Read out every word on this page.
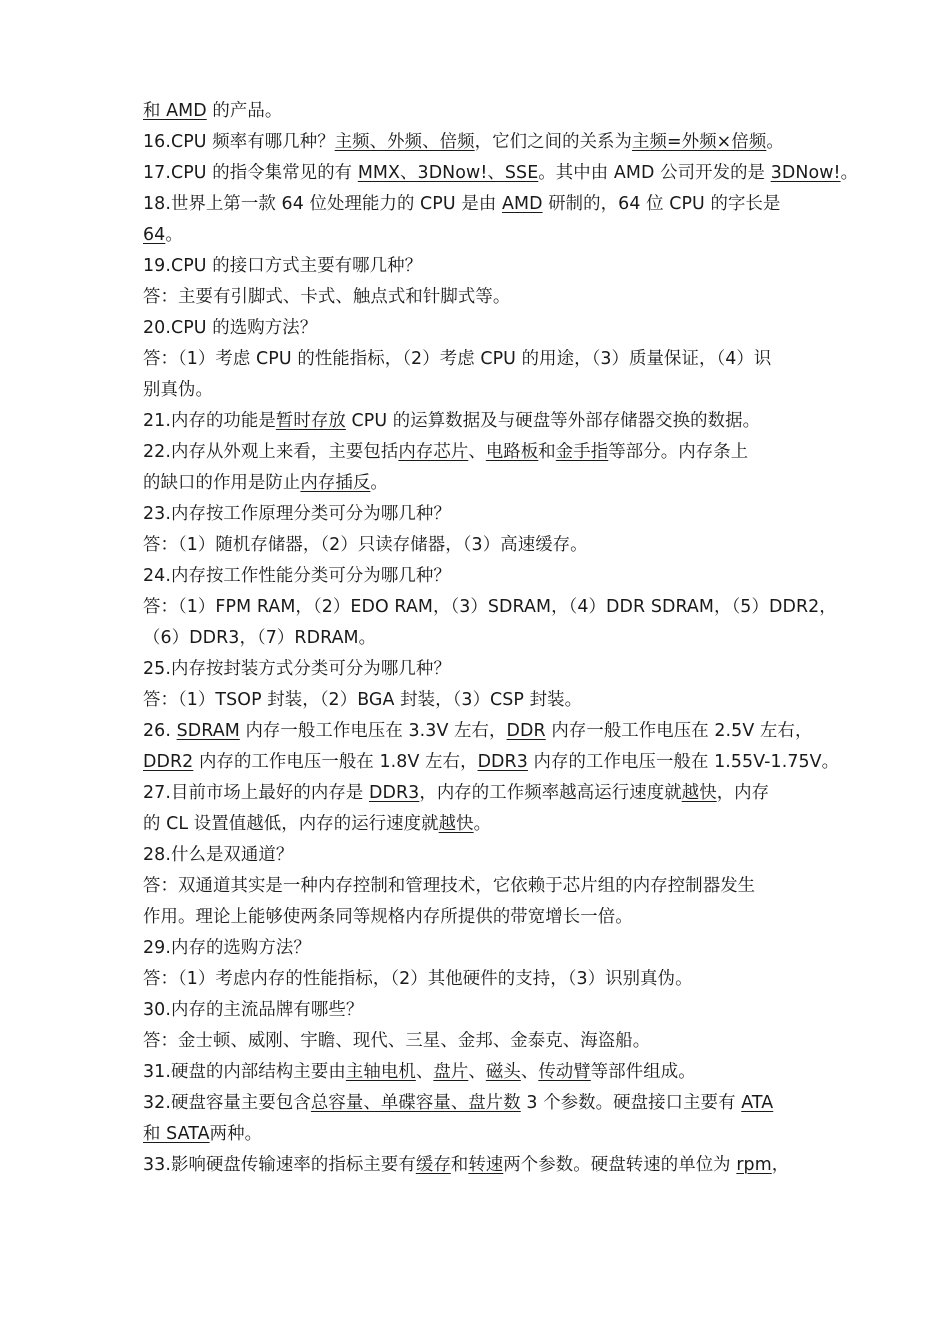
和 AMD 的产品。
16.CPU 频率有哪几种？主频、外频、倍频，它们之间的关系为主频=外频×倍频。
17.CPU 的指令集常见的有 MMX、3DNow!、SSE。其中由 AMD 公司开发的是 3DNow!。
18.世界上第一款 64 位处理能力的 CPU 是由 AMD 研制的，64 位 CPU 的字长是
64。
19.CPU 的接口方式主要有哪几种？
答：主要有引脚式、卡式、触点式和针脚式等。
20.CPU 的选购方法？
答：（1）考虑 CPU 的性能指标，（2）考虑 CPU 的用途，（3）质量保证，（4）识
别真伪。
21.内存的功能是暂时存放 CPU 的运算数据及与硬盘等外部存储器交换的数据。
22.内存从外观上来看，主要包括内存芯片、电路板和金手指等部分。内存条上
的缺口的作用是防止内存插反。
23.内存按工作原理分类可分为哪几种？
答：（1）随机存储器，（2）只读存储器，（3）高速缓存。
24.内存按工作性能分类可分为哪几种？
答：（1）FPM RAM，（2）EDO RAM，（3）SDRAM，（4）DDR SDRAM，（5）DDR2，
（6）DDR3，（7）RDRAM。
25.内存按封装方式分类可分为哪几种？
答：（1）TSOP 封装，（2）BGA 封装，（3）CSP 封装。
26. SDRAM 内存一般工作电压在 3.3V 左右，DDR 内存一般工作电压在 2.5V 左右，
DDR2 内存的工作电压一般在 1.8V 左右，DDR3 内存的工作电压一般在 1.55V-1.75V。
27.目前市场上最好的内存是 DDR3，内存的工作频率越高运行速度就越快，内存
的 CL 设置值越低，内存的运行速度就越快。
28.什么是双通道？
答：双通道其实是一种内存控制和管理技术，它依赖于芯片组的内存控制器发生
作用。理论上能够使两条同等规格内存所提供的带宽增长一倍。
29.内存的选购方法？
答：（1）考虑内存的性能指标，（2）其他硬件的支持，（3）识别真伪。
30.内存的主流品牌有哪些？
答：金士顿、威刚、宇瞻、现代、三星、金邦、金泰克、海盗船。
31.硬盘的内部结构主要由主轴电机、盘片、磁头、传动臂等部件组成。
32.硬盘容量主要包含总容量、单碟容量、盘片数 3 个参数。硬盘接口主要有 ATA
和 SATA两种。
33.影响硬盘传输速率的指标主要有缓存和转速两个参数。硬盘转速的单位为 rpm，
